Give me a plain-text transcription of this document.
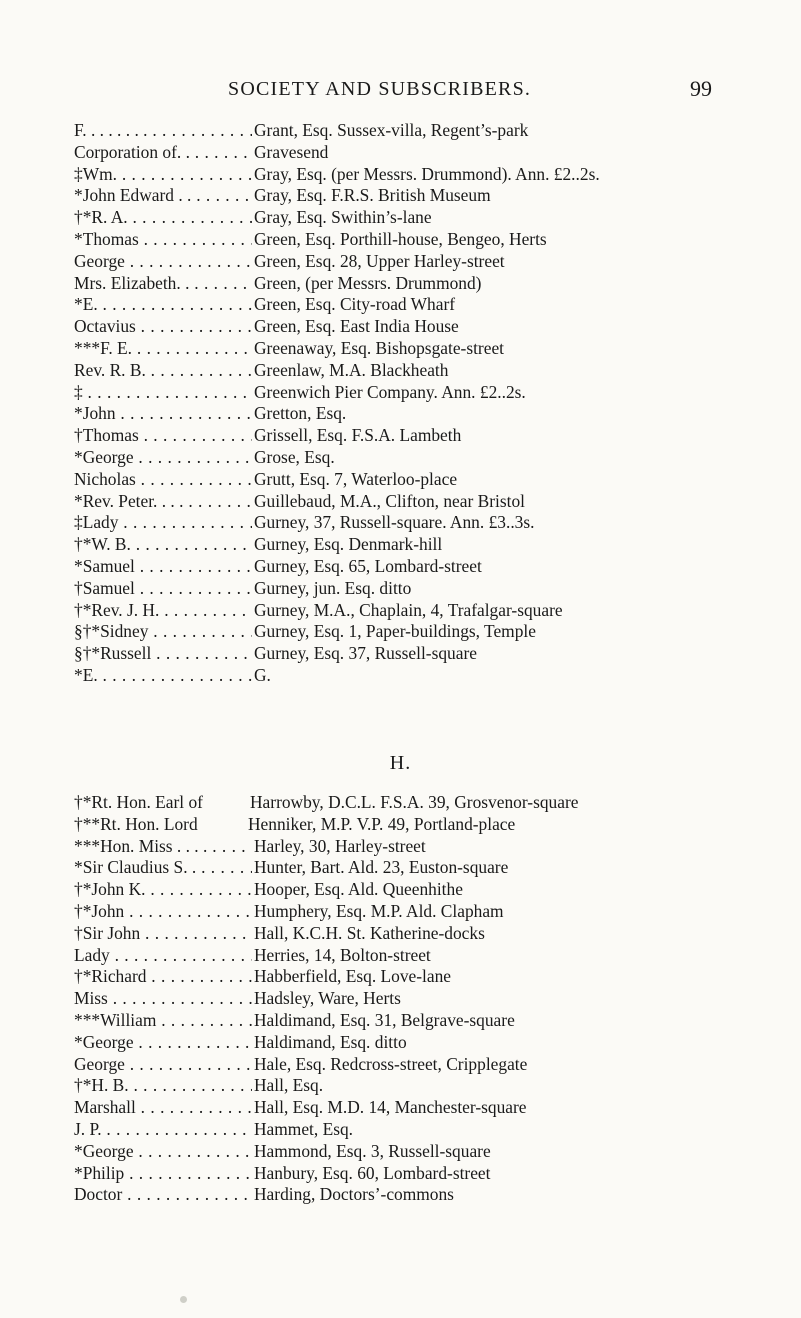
SOCIETY AND SUBSCRIBERS.	99
F. . . . . . . . . . .	Grant, Esq. Sussex-villa, Regent’s-park
Corporation of. . . . .	Gravesend
‡Wm. . . .	Gray, Esq. (per Messrs. Drummond). Ann. £2..2s.
*John Edward . . . . .	Gray, Esq. F.R.S. British Museum
†*R. A. . . .	Gray, Esq. Swithin’s-lane
*Thomas . . .	Green, Esq. Porthill-house, Bengeo, Herts
George . . .	Green, Esq. 28, Upper Harley-street
Mrs. Elizabeth. . . . .	Green, (per Messrs. Drummond)
*E. . . .	Green, Esq. City-road Wharf
Octavius . . .	Green, Esq. East India House
***F. E. . . .	Greenaway, Esq. Bishopsgate-street
Rev. R. B. . . .	Greenlaw, M.A. Blackheath
‡ . . .	Greenwich Pier Company. Ann. £2..2s.
*John . . .	Gretton, Esq.
†Thomas . . .	Grissell, Esq. F.S.A. Lambeth
*George . . .	Grose, Esq.
Nicholas . . .	Grutt, Esq. 7, Waterloo-place
*Rev. Peter. . . . . . .	Guillebaud, M.A., Clifton, near Bristol
‡Lady . . .	Gurney, 37, Russell-square. Ann. £3..3s.
†*W. B. . . .	Gurney, Esq. Denmark-hill
*Samuel . . .	Gurney, Esq. 65, Lombard-street
†Samuel . . .	Gurney, jun. Esq. ditto
†*Rev. J. H. . . .	Gurney, M.A., Chaplain, 4, Trafalgar-square
§†*Sidney . . .	Gurney, Esq. 1, Paper-buildings, Temple
§†*Russell . . .	Gurney, Esq. 37, Russell-square
*E. . . .	G.
H.
†*Rt. Hon. Earl of	Harrowby, D.C.L. F.S.A. 39, Grosvenor-square
†**Rt. Hon. Lord	Henniker, M.P. V.P. 49, Portland-place
***Hon. Miss . . . . . . .	Harley, 30, Harley-street
*Sir Claudius S. . . . .	Hunter, Bart. Ald. 23, Euston-square
†*John K. . . .	Hooper, Esq. Ald. Queenhithe
†*John . . .	Humphery, Esq. M.P. Ald. Clapham
†Sir John . . .	Hall, K.C.H. St. Katherine-docks
Lady . . .	Herries, 14, Bolton-street
†*Richard . . .	Habberfield, Esq. Love-lane
Miss . . .	Hadsley, Ware, Herts
***William . . .	Haldimand, Esq. 31, Belgrave-square
*George . . .	Haldimand, Esq. ditto
George . . .	Hale, Esq. Redcross-street, Cripplegate
†*H. B. . . .	Hall, Esq.
Marshall . . .	Hall, Esq. M.D. 14, Manchester-square
J. P. . . .	Hammet, Esq.
*George . . .	Hammond, Esq. 3, Russell-square
*Philip . . .	Hanbury, Esq. 60, Lombard-street
Doctor . . .	Harding, Doctors’-commons
